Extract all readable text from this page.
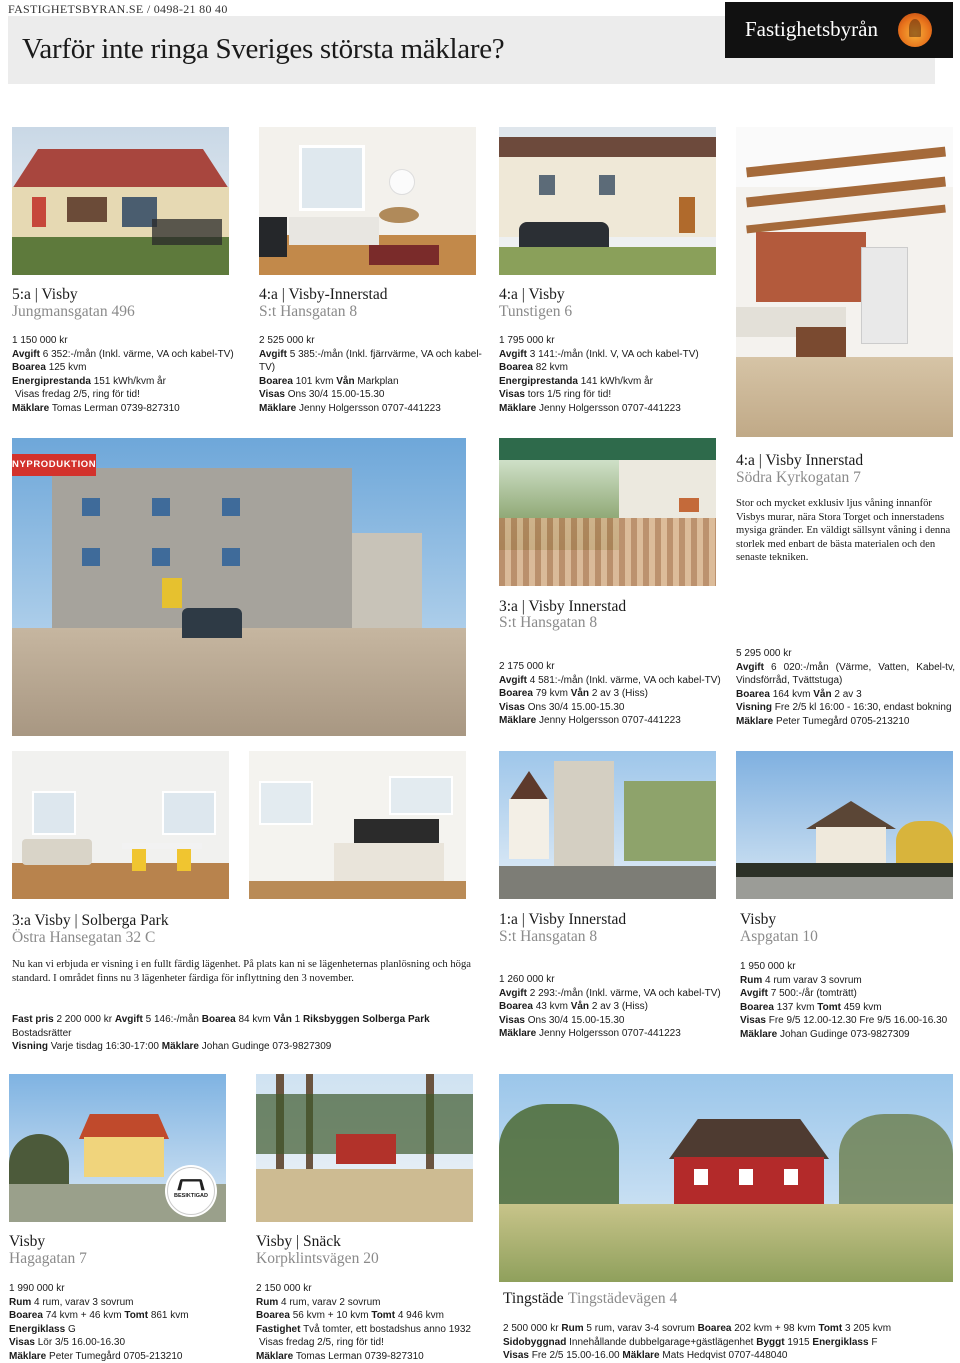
FASTIGHETSBYRAN.SE / 0498-21 80 40
Varför inte ringa Sveriges största mäklare?
Fastighetsbyrån
5:a | Visby
Jungmansgatan 496
1 150 000 kr
Avgift 6 352:-/mån (Inkl. värme, VA och kabel-TV)
Boarea 125 kvm
Energiprestanda 151 kWh/kvm år
Visas fredag 2/5, ring för tid!
Mäklare Tomas Lerman 0739-827310
4:a | Visby-Innerstad
S:t Hansgatan 8
2 525 000 kr
Avgift 5 385:-/mån (Inkl. fjärrvärme, VA och kabel-
TV)
Boarea 101 kvm Vån Markplan
Visas Ons 30/4 15.00-15.30
Mäklare Jenny Holgersson 0707-441223
4:a | Visby
Tunstigen 6
1 795 000 kr
Avgift 3 141:-/mån (Inkl. V, VA och kabel-TV)
Boarea 82 kvm
Energiprestanda 141 kWh/kvm år
Visas tors 1/5 ring för tid!
Mäklare Jenny Holgersson 0707-441223
NYPRODUKTION	4:a | Visby Innerstad
Södra Kyrkogatan 7
Stor och mycket exklusiv ljus våning innanför Visbys murar, nära Stora Torget och innerstadens mysiga gränder. En väldigt sällsynt våning i denna storlek med enbart de bästa materialen och den senaste tekniken.
5 295 000 kr
Avgift 6 020:-/mån (Värme, Vatten, Kabel-tv, Vindsförråd, Tvättstuga)
Boarea 164 kvm Vån 2 av 3
Visning Fre 2/5 kl 16:00 - 16:30, endast bokning
Mäklare Peter Tumegård 0705-213210
3:a | Visby Innerstad
S:t Hansgatan 8
2 175 000 kr
Avgift 4 581:-/mån (Inkl. värme, VA och kabel-TV)
Boarea 79 kvm Vån 2 av 3 (Hiss)
Visas Ons 30/4 15.00-15.30
Mäklare Jenny Holgersson 0707-441223
3:a Visby | Solberga Park
Östra Hansegatan 32 C
Nu kan vi erbjuda er visning i en fullt färdig lägenhet. På plats kan ni se lägenheternas planlösning och höga standard. I området finns nu 3 lägenheter färdiga för inflyttning den 3 november.
Fast pris 2 200 000 kr Avgift 5 146:-/mån Boarea 84 kvm Vån 1 Riksbyggen Solberga Park Bostadsrätter
Visning Varje tisdag 16:30-17:00 Mäklare Johan Gudinge 073-9827309
1:a | Visby Innerstad
S:t Hansgatan 8
1 260 000 kr
Avgift 2 293:-/mån (Inkl. värme, VA och kabel-TV)
Boarea 43 kvm Vån 2 av 3 (Hiss)
Visas Ons 30/4 15.00-15.30
Mäklare Jenny Holgersson 0707-441223
Visby
Aspgatan 10
1 950 000 kr
Rum 4 rum varav 3 sovrum
Avgift 7 500:-/år (tomträtt)
Boarea 137 kvm Tomt 459 kvm
Visas Fre 9/5 12.00-12.30 Fre 9/5 16.00-16.30
Mäklare Johan Gudinge 073-9827309
BESIKTIGAD
Visby
Hagagatan 7
1 990 000 kr
Rum 4 rum, varav 3 sovrum
Boarea 74 kvm + 46 kvm Tomt 861 kvm
Energiklass G
Visas Lör 3/5 16.00-16.30
Mäklare Peter Tumegård 0705-213210
Visby | Snäck
Korpklintsvägen 20
2 150 000 kr
Rum 4 rum, varav 2 sovrum
Boarea 56 kvm + 10 kvm Tomt 4 946 kvm
Fastighet Två tomter, ett bostadshus anno 1932
Visas fredag 2/5, ring för tid!
Mäklare Tomas Lerman 0739-827310
Tingstäde Tingstädevägen 4
2 500 000 kr Rum 5 rum, varav 3-4 sovrum Boarea 202 kvm + 98 kvm Tomt 3 205 kvm
Sidobyggnad Innehållande dubbelgarage+gästlägenhet Byggt 1915 Energiklass F
Visas Fre 2/5 15.00-16.00 Mäklare Mats Hedqvist 0707-448040
